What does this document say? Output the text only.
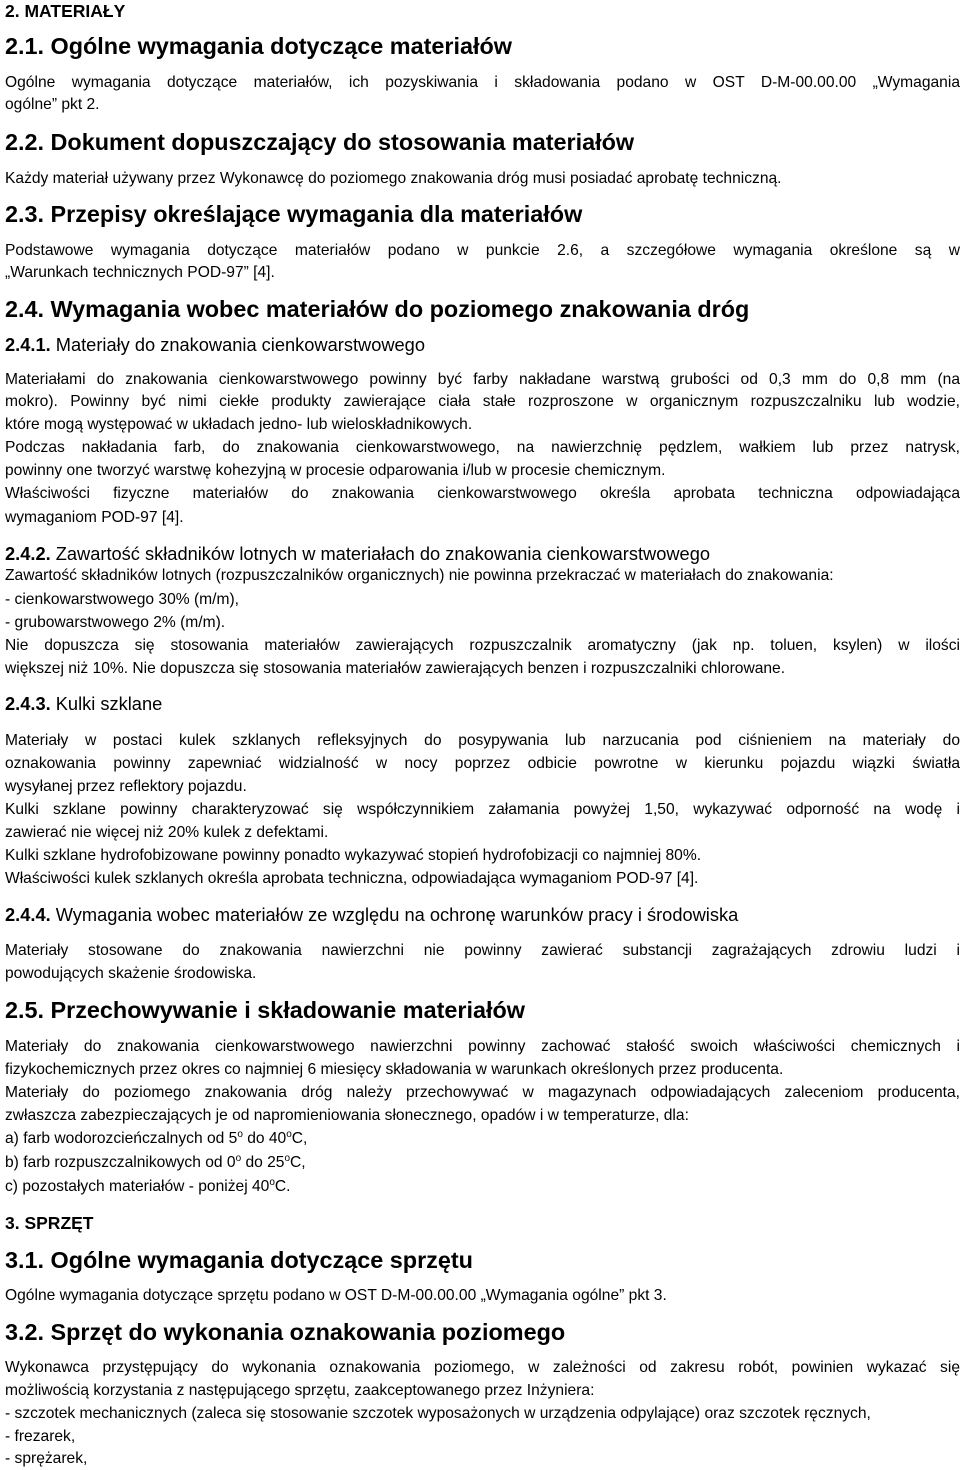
2. MATERIAŁY
2.1. Ogólne wymagania dotyczące materiałów

Ogólne wymagania dotyczące materiałów, ich pozyskiwania i składowania podano w OST D-M-00.00.00 „Wymagania

ogólne” pkt 2.

2.2. Dokument dopuszczający do stosowania materiałów

Każdy materiał używany przez Wykonawcę do poziomego znakowania dróg musi posiadać aprobatę techniczną.

2.3. Przepisy określające wymagania dla materiałów

Podstawowe wymagania dotyczące materiałów podano w punkcie 2.6, a szczegółowe wymagania określone są w

„Warunkach technicznych POD-97” [4].

2.4. Wymagania wobec materiałów do poziomego znakowania dróg
2.4.1. Materiały do znakowania cienkowarstwowego

Materiałami do znakowania cienkowarstwowego powinny być farby nakładane warstwą grubości od 0,3 mm do 0,8 mm (na

mokro). Powinny być nimi ciekłe produkty zawierające ciała stałe rozproszone w organicznym rozpuszczalniku lub wodzie,

które mogą występować w układach jedno- lub wieloskładnikowych.

Podczas nakładania farb, do znakowania cienkowarstwowego, na nawierzchnię pędzlem, wałkiem lub przez natrysk,

powinny one tworzyć warstwę kohezyjną w procesie odparowania i/lub w procesie chemicznym.

Właściwości fizyczne materiałów do znakowania cienkowarstwowego określa aprobata techniczna odpowiadająca

wymaganiom POD-97 [4].

2.4.2. Zawartość składników lotnych w materiałach do znakowania cienkowarstwowego

Zawartość składników lotnych (rozpuszczalników organicznych) nie powinna przekraczać w materiałach do znakowania:

- cienkowarstwowego 30% (m/m),

- grubowarstwowego 2% (m/m).

Nie dopuszcza się stosowania materiałów zawierających rozpuszczalnik aromatyczny (jak np. toluen, ksylen) w ilości

większej niż 10%. Nie dopuszcza się stosowania materiałów zawierających benzen i rozpuszczalniki chlorowane.

2.4.3. Kulki szklane

Materiały w postaci kulek szklanych refleksyjnych do posypywania lub narzucania pod ciśnieniem na materiały do

oznakowania powinny zapewniać widzialność w nocy poprzez odbicie powrotne w kierunku pojazdu wiązki światła

wysyłanej przez reflektory pojazdu.

Kulki szklane powinny charakteryzować się współczynnikiem załamania powyżej 1,50, wykazywać odporność na wodę i

zawierać nie więcej niż 20% kulek z defektami.

Kulki szklane hydrofobizowane powinny ponadto wykazywać stopień hydrofobizacji co najmniej 80%.

Właściwości kulek szklanych określa aprobata techniczna, odpowiadająca wymaganiom POD-97 [4].

2.4.4. Wymagania wobec materiałów ze względu na ochronę warunków pracy i środowiska

Materiały stosowane do znakowania nawierzchni nie powinny zawierać substancji zagrażających zdrowiu ludzi i

powodujących skażenie środowiska.

2.5. Przechowywanie i składowanie materiałów

Materiały do znakowania cienkowarstwowego nawierzchni powinny zachować stałość swoich właściwości chemicznych i

fizykochemicznych przez okres co najmniej 6 miesięcy składowania w warunkach określonych przez producenta.

Materiały do poziomego znakowania dróg należy przechowywać w magazynach odpowiadających zaleceniom producenta,

zwłaszcza zabezpieczających je od napromieniowania słonecznego, opadów i w temperaturze, dla:

a) farb wodorozcieńczalnych od 5$^o$ do 40$^o$C,

b) farb rozpuszczalnikowych od 0$^o$ do 25$^o$C,

c) pozostałych materiałów - poniżej 40$^o$C.

3. SPRZĘT
3.1. Ogólne wymagania dotyczące sprzętu

Ogólne wymagania dotyczące sprzętu podano w OST D-M-00.00.00 „Wymagania ogólne” pkt 3.

3.2. Sprzęt do wykonania oznakowania poziomego

Wykonawca przystępujący do wykonania oznakowania poziomego, w zależności od zakresu robót, powinien wykazać się

możliwością korzystania z następującego sprzętu, zaakceptowanego przez Inżyniera:

- szczotek mechanicznych (zaleca się stosowanie szczotek wyposażonych w urządzenia odpylające) oraz szczotek ręcznych,

- frezarek,

- sprężarek,
